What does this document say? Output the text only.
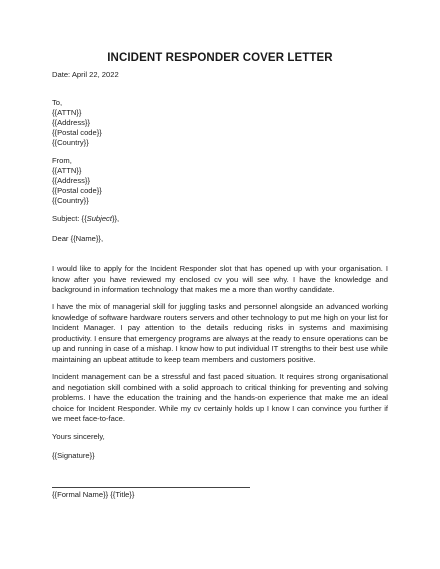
INCIDENT RESPONDER COVER LETTER
Date: April 22, 2022
To,
{{ATTN}}
{{Address}}
{{Postal code}}
{{Country}}
From,
{{ATTN}}
{{Address}}
{{Postal code}}
{{Country}}
Subject: {{Subject}},
Dear {{Name}},
I would like to apply for the Incident Responder slot that has opened up with your organisation. I know after you have reviewed my enclosed cv you will see why. I have the knowledge and background in information technology that makes me a more than worthy candidate.
I have the mix of managerial skill for juggling tasks and personnel alongside an advanced working knowledge of software hardware routers servers and other technology to put me high on your list for Incident Manager. I pay attention to the details reducing risks in systems and maximising productivity. I ensure that emergency programs are always at the ready to ensure operations can be up and running in case of a mishap. I know how to put individual IT strengths to their best use while maintaining an upbeat attitude to keep team members and customers positive.
Incident management can be a stressful and fast paced situation. It requires strong organisational and negotiation skill combined with a solid approach to critical thinking for preventing and solving problems. I have the education the training and the hands-on experience that make me an ideal choice for Incident Responder. While my cv certainly holds up I know I can convince you further if we meet face-to-face.
Yours sincerely,
{{Signature}}
{{Formal Name}} {{Title}}
